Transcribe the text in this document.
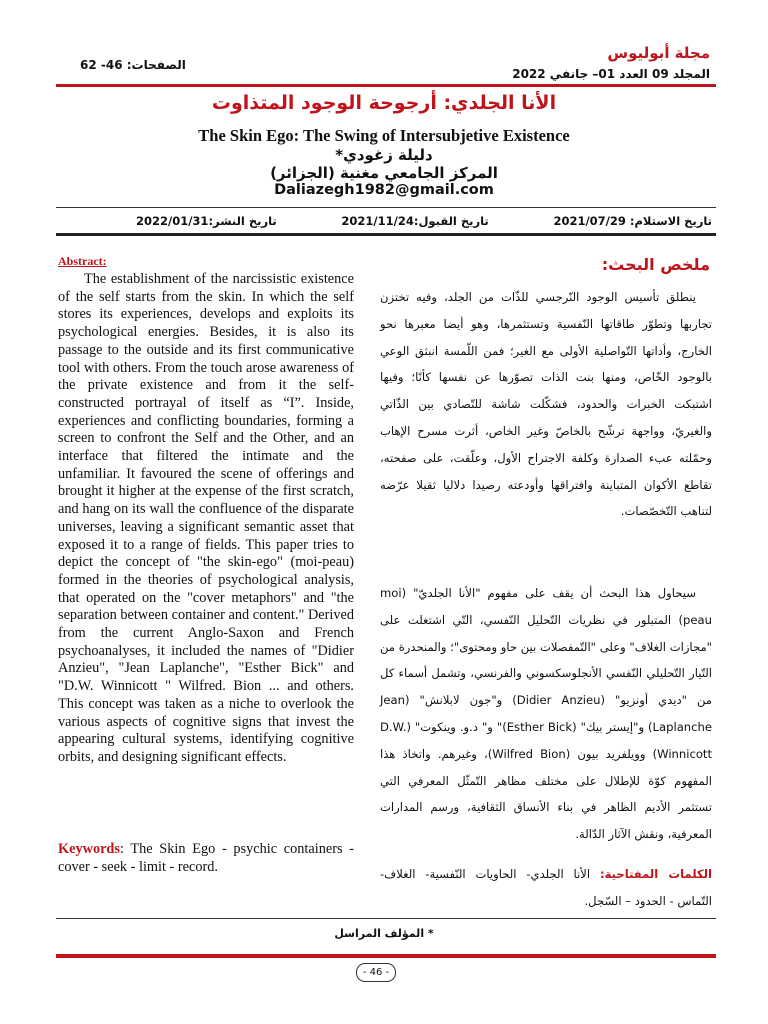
مجلة أبوليوس
الصفحات: 46- 62
المجلد 09 العدد 01– جانفي 2022
الأنا الجلدي: أرجوحة الوجود المتذاوت
The Skin Ego: The Swing of Intersubjetive Existence
دليلة زغودي*
المركز الجامعي مغنية (الجزائر)
Daliazegh1982@gmail.com
تاريخ الاستلام: 2021/07/29
تاريخ القبول:2021/11/24
تاريخ النشر:2022/01/31
Abstract:
The establishment of the narcissistic existence of the self starts from the skin. In which the self stores its experiences, develops and exploits its psychological energies. Besides, it is also its passage to the outside and its first communicative tool with others. From the touch arose awareness of the private existence and from it the self-constructed portrayal of itself as “I”. Inside, experiences and conflicting boundaries, forming a screen to confront the Self and the Other, and an interface that filtered the intimate and the unfamiliar. It favoured the scene of offerings and brought it higher at the expense of the first scratch, and hang on its wall the confluence of the disparate universes, leaving a significant semantic asset that exposed it to a range of fields. This paper tries to depict the concept of "the skin-ego" (moi-peau) formed in the theories of psychological analysis, that operated on the "cover metaphors" and "the separation between container and content." Derived from the current Anglo-Saxon and French psychoanalyses, it included the names of "Didier Anzieu", "Jean Laplanche", "Esther Bick" and "D.W. Winnicott " Wilfred. Bion ... and others. This concept was taken as a niche to overlook the various aspects of cognitive signs that invest the appearing cultural systems, identifying cognitive orbits, and designing significant effects.
Keywords: The Skin Ego - psychic containers - cover - seek - limit - record.
ملخص البحث:
ينطلق تأسيس الوجود النّرجسي للذّات من الجلد، وفيه تختزن تجاربها وتطوّر طاقاتها النّفسية وتستثمرها، وهو أيضا معبرها نحو الخارج، وأداتها التّواصلية الأولى مع الغير؛ فمن اللّمسة انبثق الوعي بالوجود الخّاص، ومنها بنت الذات تصوّرها عن نفسها كأنًا؛ وفيها اشتبكت الخبرات والحدود، فشكّلت شاشة للتّصادي بين الذّاتي والغيريّ، وواجهة ترشّح بالخاصّ وغير الخاص، أثرت مسرح الإهاب وحمّلته عبء الصدارة وكلفة الاجتراح الأول، وعلّقت، على صفحته، تقاطع الأكوان المتباينة وافتراقها وأودعته رصيدا دلاليا ثقيلا عرّضه لتناهب التّخصّصات.
سيحاول هذا البحث أن يقف على مفهوم "الأنا الجلديّ" (moi peau) المتبلور في نظريات التّحليل النّفسي، التّي اشتغلت على "مجازات الغلاف" وعلى "التّمفصلات بين حاو ومحتوى"؛ والمنحدرة من التّيار التّحليلي النّفسي الأنجلوسكسوني والفرنسي، وتشمل أسماء كل من "ديدي أونزيو" (Didier Anzieu) و"جون لابلانش" (Jean Laplanche) و"إيستر بيك" (Esther Bick)" و" د.و. وينكوت" (D.W. Winnicott) وويلفريد بيون (Wilfred Bion)، وغيرهم. واتخاذ هذا المفهوم كوّة للإطلال على مختلف مظاهر التّمثّل المعرفي التي تستثمر الأديم الظاهر في بناء الأنساق الثقافية، ورسم المدارات المعرفية، ونقش الآثار الدّالة.
الكلمات المفتاحية: الأنا الجلدي- الحاويات النّفسية- الغلاف- التّماس - الحدود – السّجل.
* المؤلف المراسل
- 46 -
